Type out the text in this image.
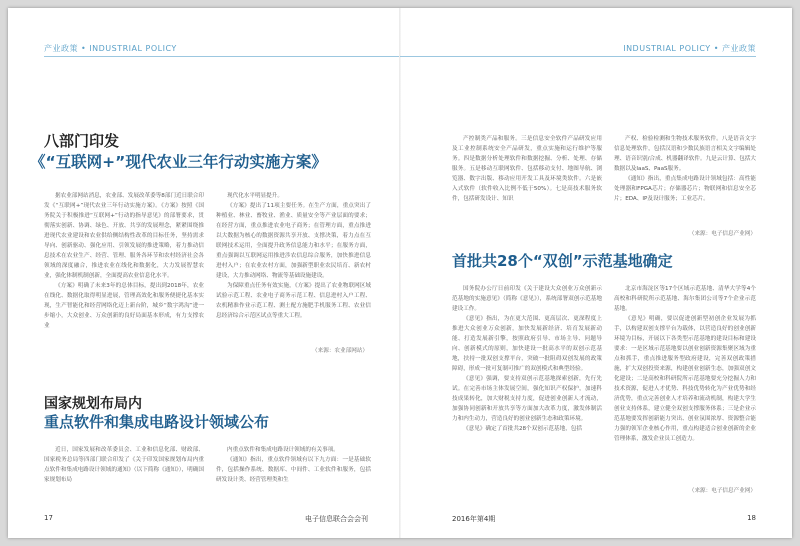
产业政策 • INDUSTRIAL POLICY
八部门印发
《“互联网+”现代农业三年行动实施方案》

据农业部网站消息，农业部、发展改革委等8部门近日联合印发《“互联网+”现代农业三年行动实施方案》。《方案》按照《国务院关于积极推进“互联网+”行动的指导意见》的部署要求，贯彻落实创新、协调、绿色、开放、共享的发展理念，紧紧围绕推进现代农业建设和农业供给侧结构性改革的目标任务，坚持需求导向、创新驱动、强化应用、引领发展的推进策略，着力推动信息技术在农业生产、经营、管理、服务各环节和农村经济社会各领域的深度融合，推进农业在线化和数据化，大力发展智慧农业，强化体制机制创新，全面提高农业信息化水平。

《方案》明确了未来3年的总体目标，提出到2018年，农业在线化、数据化取得明显进展，管理高效化和服务便捷化基本实现，生产智能化和经营网络化迈上新台阶，城乡“数字鸿沟”进一步缩小，大众创业、万众创新的良好局面基本形成，有力支撑农业

现代化水平明显提升。

《方案》提出了11项主要任务。在生产方面，重点突出了种植业、林业、畜牧业、渔业、质量安全等产业层面的要求；在经营方面，重点推进农业电子商务；在管理方面，重点推进以大数据为核心的数据资源共享开放、支撑决策，着力点在互联网技术运用，全面提升政务信息能力和水平；在服务方面，重点强调以互联网运用推进涉农信息综合服务，加快推进信息进村入户；在农业农村方面，加强新型职业农民培育、新农村建设，大力推动网络、物流等基础设施建设。

为保障重点任务有效实施，《方案》提出了农业物联网区域试验示范工程、农业电子商务示范工程、信息进村入户工程、农机精准作业示范工程、测土配方施肥手机服务工程、农业信息经济综合示范区试点等重大工程。

（来源：农业部网站）
国家规划布局内
重点软件和集成电路设计领域公布

近日，国家发展和改革委员会、工业和信息化部、财政部、国家税务总局等四部门联合印发了《关于印发国家规划布局内重点软件和集成电路设计领域的通知》（以下简称《通知》），明确国家规划布局

内重点软件和集成电路设计领域的有关事项。

《通知》指出，重点软件领域有以下九方面：一是基础软件，包括操作系统、数据库、中间件、工业软件和服务，包括研发设计类、经营管理类和生

17	电子信息联合会会刊
INDUSTRIAL POLICY • 产业政策

产控制类产品和服务。三是信息安全软件产品研发应用及工业控制系统安全产品研发，重点实施和运行维护等服务。四是数据分析处理软件和数据挖掘、分析、处理、存储服务。五是移动互联网软件、包括移动支付、地图导航、浏览器、数字出版、移动应用开发工具及环境类软件。六是嵌入式软件（软件收入比例不低于50%）。七是高技术服务软件，包括研发设计、知识

产权、检验检测和生物技术服务软件。八是语音文字信息处理软件，包括汉语和少数民族语言相关文字编辑处理、语音识别/合成、机器翻译软件。九是云计算、包括大数据以及IaaS、PaaS服务。

《通知》指出，重点集成电路设计领域包括：高性能处理器和FPGA芯片；存储器芯片；物联网和信息安全芯片；EDA、IP及设计服务；工业芯片。

（来源：电子信息产业网）
首批共28个“双创”示范基地确定

国务院办公厅日前印发《关于建设大众创业万众创新示范基地的实施意见》（简称《意见》），系统部署双创示范基地建设工作。

《意见》指出，为在更大范围、更高层次、更深程度上推进大众创业万众创新，加快发展新经济、培育发展新动能、打造发展新引擎，按照政府引导、市场主导、问题导向、创新模式的原则，加快建设一批高水平的双创示范基地，扶持一批双创支撑平台，突破一批阻碍双创发展的政策障碍，形成一批可复制可推广的双创模式和典型经验。

《意见》强调，要支持双创示范基地探索创新，先行先试。在完善市场主体发展空间，强化知识产权保护，加速科技成果转化，加大财税支持力度，促进创业创新人才流动，加强协同创新和开放共享等方面加大改革力度，激发体制活力和内生动力，营造良好的创业创新生态和政策环境。

《意见》确定了首批共28个双创示范基地，包括

北京市海淀区等17个区域示范基地、清华大学等4个高校和科研院所示范基地、海尔集团公司等7个企业示范基地。

《意见》明确，要以促进创新型初创企业发展为抓手，以构建双创支撑平台为载体，以营造良好的创业创新环境为目标，开展以下各类型示范基地的建设目标和建设要求：一是区域示范基地要以创业创新资源集聚区域为重点和抓手，重点推进服务型政府建设，完善双创政策措施，扩大双创投资来源，构建创业创新生态，加强双创文化建设；二是高校和科研院所示范基地要充分挖掘人力和技术资源，促进人才优势、科技优势转化为产业优势和经济优势，重点完善创业人才培养和流动机制，构建大学生创业支持体系，建立健全双创支撑服务体系；三是企业示范基地要发挥创新能力突出、创业氛围浓厚、资源整合能力强的领军企业核心作用，重点构建适合创业创新的企业管理体系，激发企业员工创造力。

（来源：电子信息产业网）
2016年第4期	18
